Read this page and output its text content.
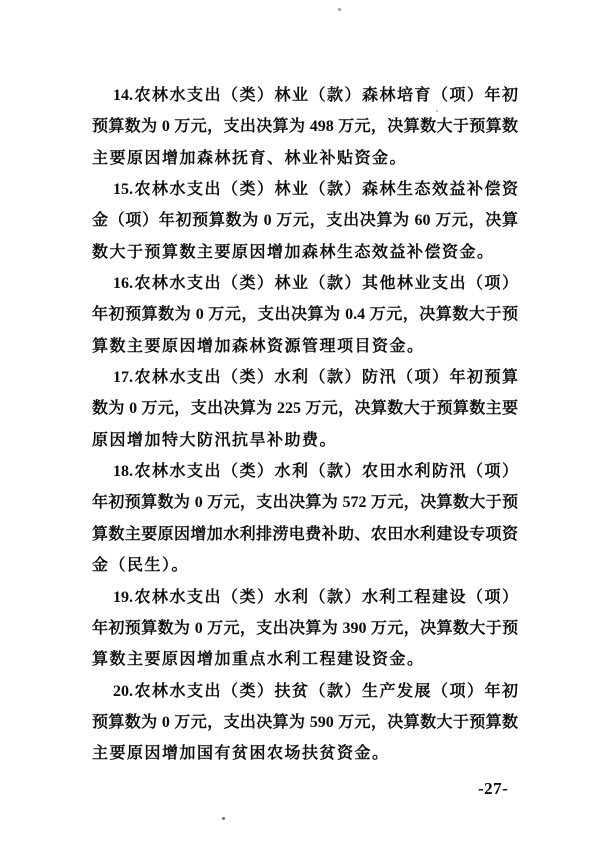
14.农林水支出（类）林业（款）森林培育（项）年初
预算数为 0 万元，支出决算为 498 万元，决算数大于预算数
主要原因增加森林抚育、林业补贴资金。
15.农林水支出（类）林业（款）森林生态效益补偿资
金（项）年初预算数为 0 万元，支出决算为 60 万元，决算
数大于预算数主要原因增加森林生态效益补偿资金。
16.农林水支出（类）林业（款）其他林业支出（项）
年初预算数为 0 万元，支出决算为 0.4 万元，决算数大于预
算数主要原因增加森林资源管理项目资金。
17.农林水支出（类）水利（款）防汛（项）年初预算
数为 0 万元，支出决算为 225 万元，决算数大于预算数主要
原因增加特大防汛抗旱补助费。
18.农林水支出（类）水利（款）农田水利防汛（项）
年初预算数为 0 万元，支出决算为 572 万元，决算数大于预
算数主要原因增加水利排涝电费补助、农田水利建设专项资
金（民生）。
19.农林水支出（类）水利（款）水利工程建设（项）
年初预算数为 0 万元，支出决算为 390 万元，决算数大于预
算数主要原因增加重点水利工程建设资金。
20.农林水支出（类）扶贫（款）生产发展（项）年初
预算数为 0 万元，支出决算为 590 万元，决算数大于预算数
主要原因增加国有贫困农场扶贫资金。
-27-
